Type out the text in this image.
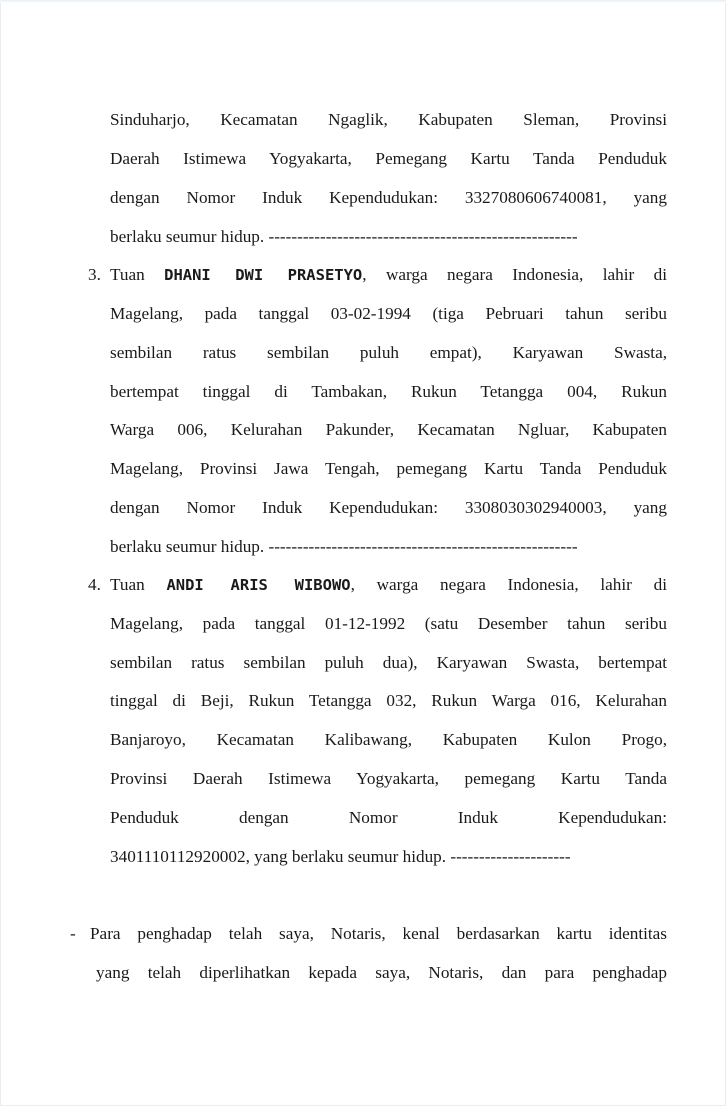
Sinduharjo, Kecamatan Ngaglik, Kabupaten Sleman, Provinsi
Daerah Istimewa Yogyakarta, Pemegang Kartu Tanda Penduduk
dengan Nomor Induk Kependudukan: 3327080606740081, yang
berlaku seumur hidup. ------------------------------------------------------
3. Tuan DHANI DWI PRASETYO, warga negara Indonesia, lahir di
Magelang, pada tanggal 03-02-1994 (tiga Pebruari tahun seribu
sembilan ratus sembilan puluh empat), Karyawan Swasta,
bertempat tinggal di Tambakan, Rukun Tetangga 004, Rukun
Warga 006, Kelurahan Pakunder, Kecamatan Ngluar, Kabupaten
Magelang, Provinsi Jawa Tengah, pemegang Kartu Tanda Penduduk
dengan Nomor Induk Kependudukan: 3308030302940003, yang
berlaku seumur hidup. ------------------------------------------------------
4. Tuan ANDI ARIS WIBOWO, warga negara Indonesia, lahir di
Magelang, pada tanggal 01-12-1992 (satu Desember tahun seribu
sembilan ratus sembilan puluh dua), Karyawan Swasta, bertempat
tinggal di Beji, Rukun Tetangga 032, Rukun Warga 016, Kelurahan
Banjaroyo, Kecamatan Kalibawang, Kabupaten Kulon Progo,
Provinsi Daerah Istimewa Yogyakarta, pemegang Kartu Tanda
Penduduk dengan Nomor Induk Kependudukan:
3401110112920002, yang berlaku seumur hidup. ---------------------
- Para penghadap telah saya, Notaris, kenal berdasarkan kartu identitas
yang telah diperlihatkan kepada saya, Notaris, dan para penghadap
